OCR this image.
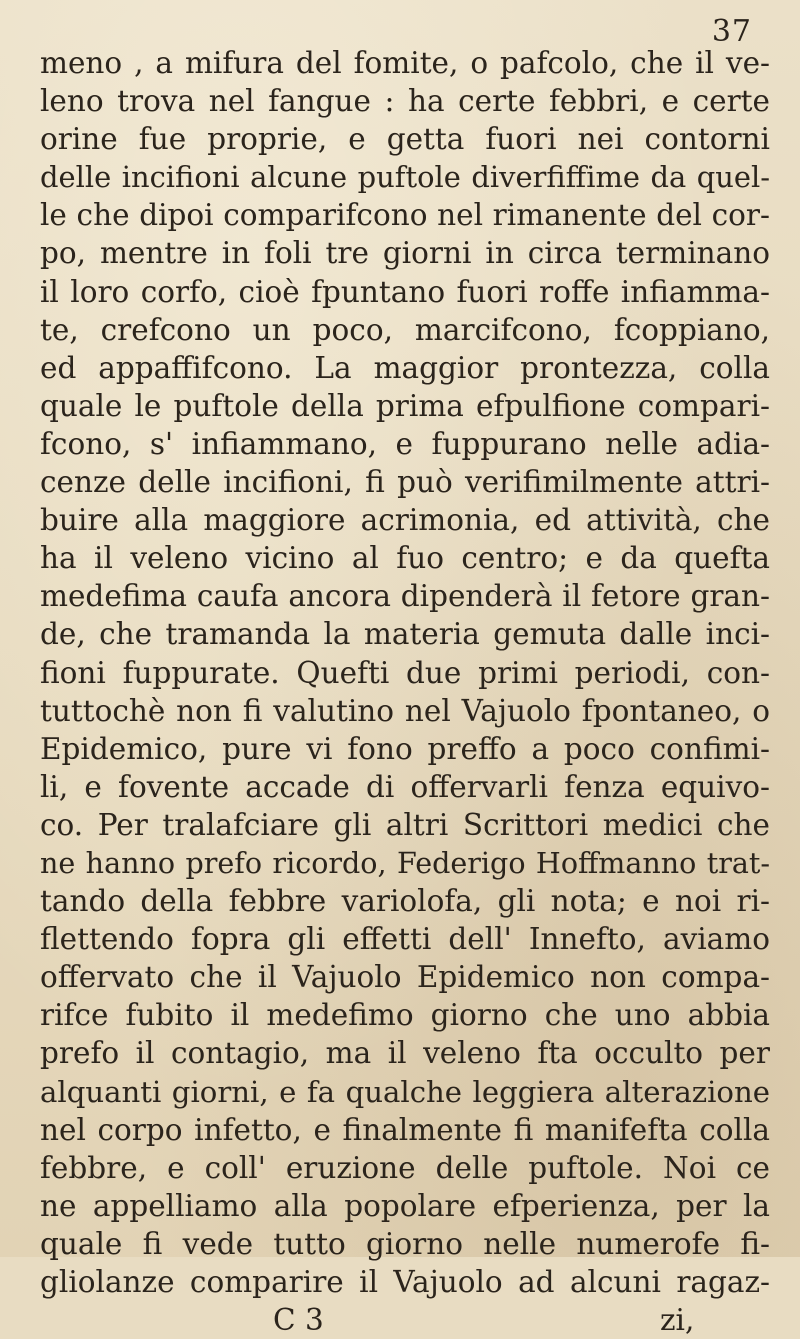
37
meno , a mifura del fomite, o pafcolo, che il ve-
leno trova nel fangue : ha certe febbri, e certe
orine fue proprie, e getta fuori nei contorni
delle incifioni alcune puftole diverfiffime da quel-
le che dipoi comparifcono nel rimanente del cor-
po, mentre in foli tre giorni in circa terminano
il loro corfo, cioè fpuntano fuori roffe infiamma-
te, crefcono un poco, marcifcono, fcoppiano,
ed appaffifcono. La maggior prontezza, colla
quale le puftole della prima efpulfione compari-
fcono, s' infiammano, e fuppurano nelle adia-
cenze delle incifioni, fi può verifimilmente attri-
buire alla maggiore acrimonia, ed attività, che
ha il veleno vicino al fuo centro; e da quefta
medefima caufa ancora dipenderà il fetore gran-
de, che tramanda la materia gemuta dalle inci-
fioni fuppurate. Quefti due primi periodi, con-
tuttochè non fi valutino nel Vajuolo fpontaneo, o
Epidemico, pure vi fono preffo a poco confimi-
li, e fovente accade di offervarli fenza equivo-
co. Per tralafciare gli altri Scrittori medici che
ne hanno prefo ricordo, Federigo Hoffmanno trat-
tando della febbre variolofa, gli nota; e noi ri-
flettendo fopra gli effetti dell' Innefto, aviamo
offervato che il Vajuolo Epidemico non compa-
rifce fubito il medefimo giorno che uno abbia
prefo il contagio, ma il veleno fta occulto per
alquanti giorni, e fa qualche leggiera alterazione
nel corpo infetto, e finalmente fi manifefta colla
febbre, e coll' eruzione delle puftole. Noi ce
ne appelliamo alla popolare efperienza, per la
quale fi vede tutto giorno nelle numerofe fi-
gliolanze comparire il Vajuolo ad alcuni ragaz-
C 3	zi,
